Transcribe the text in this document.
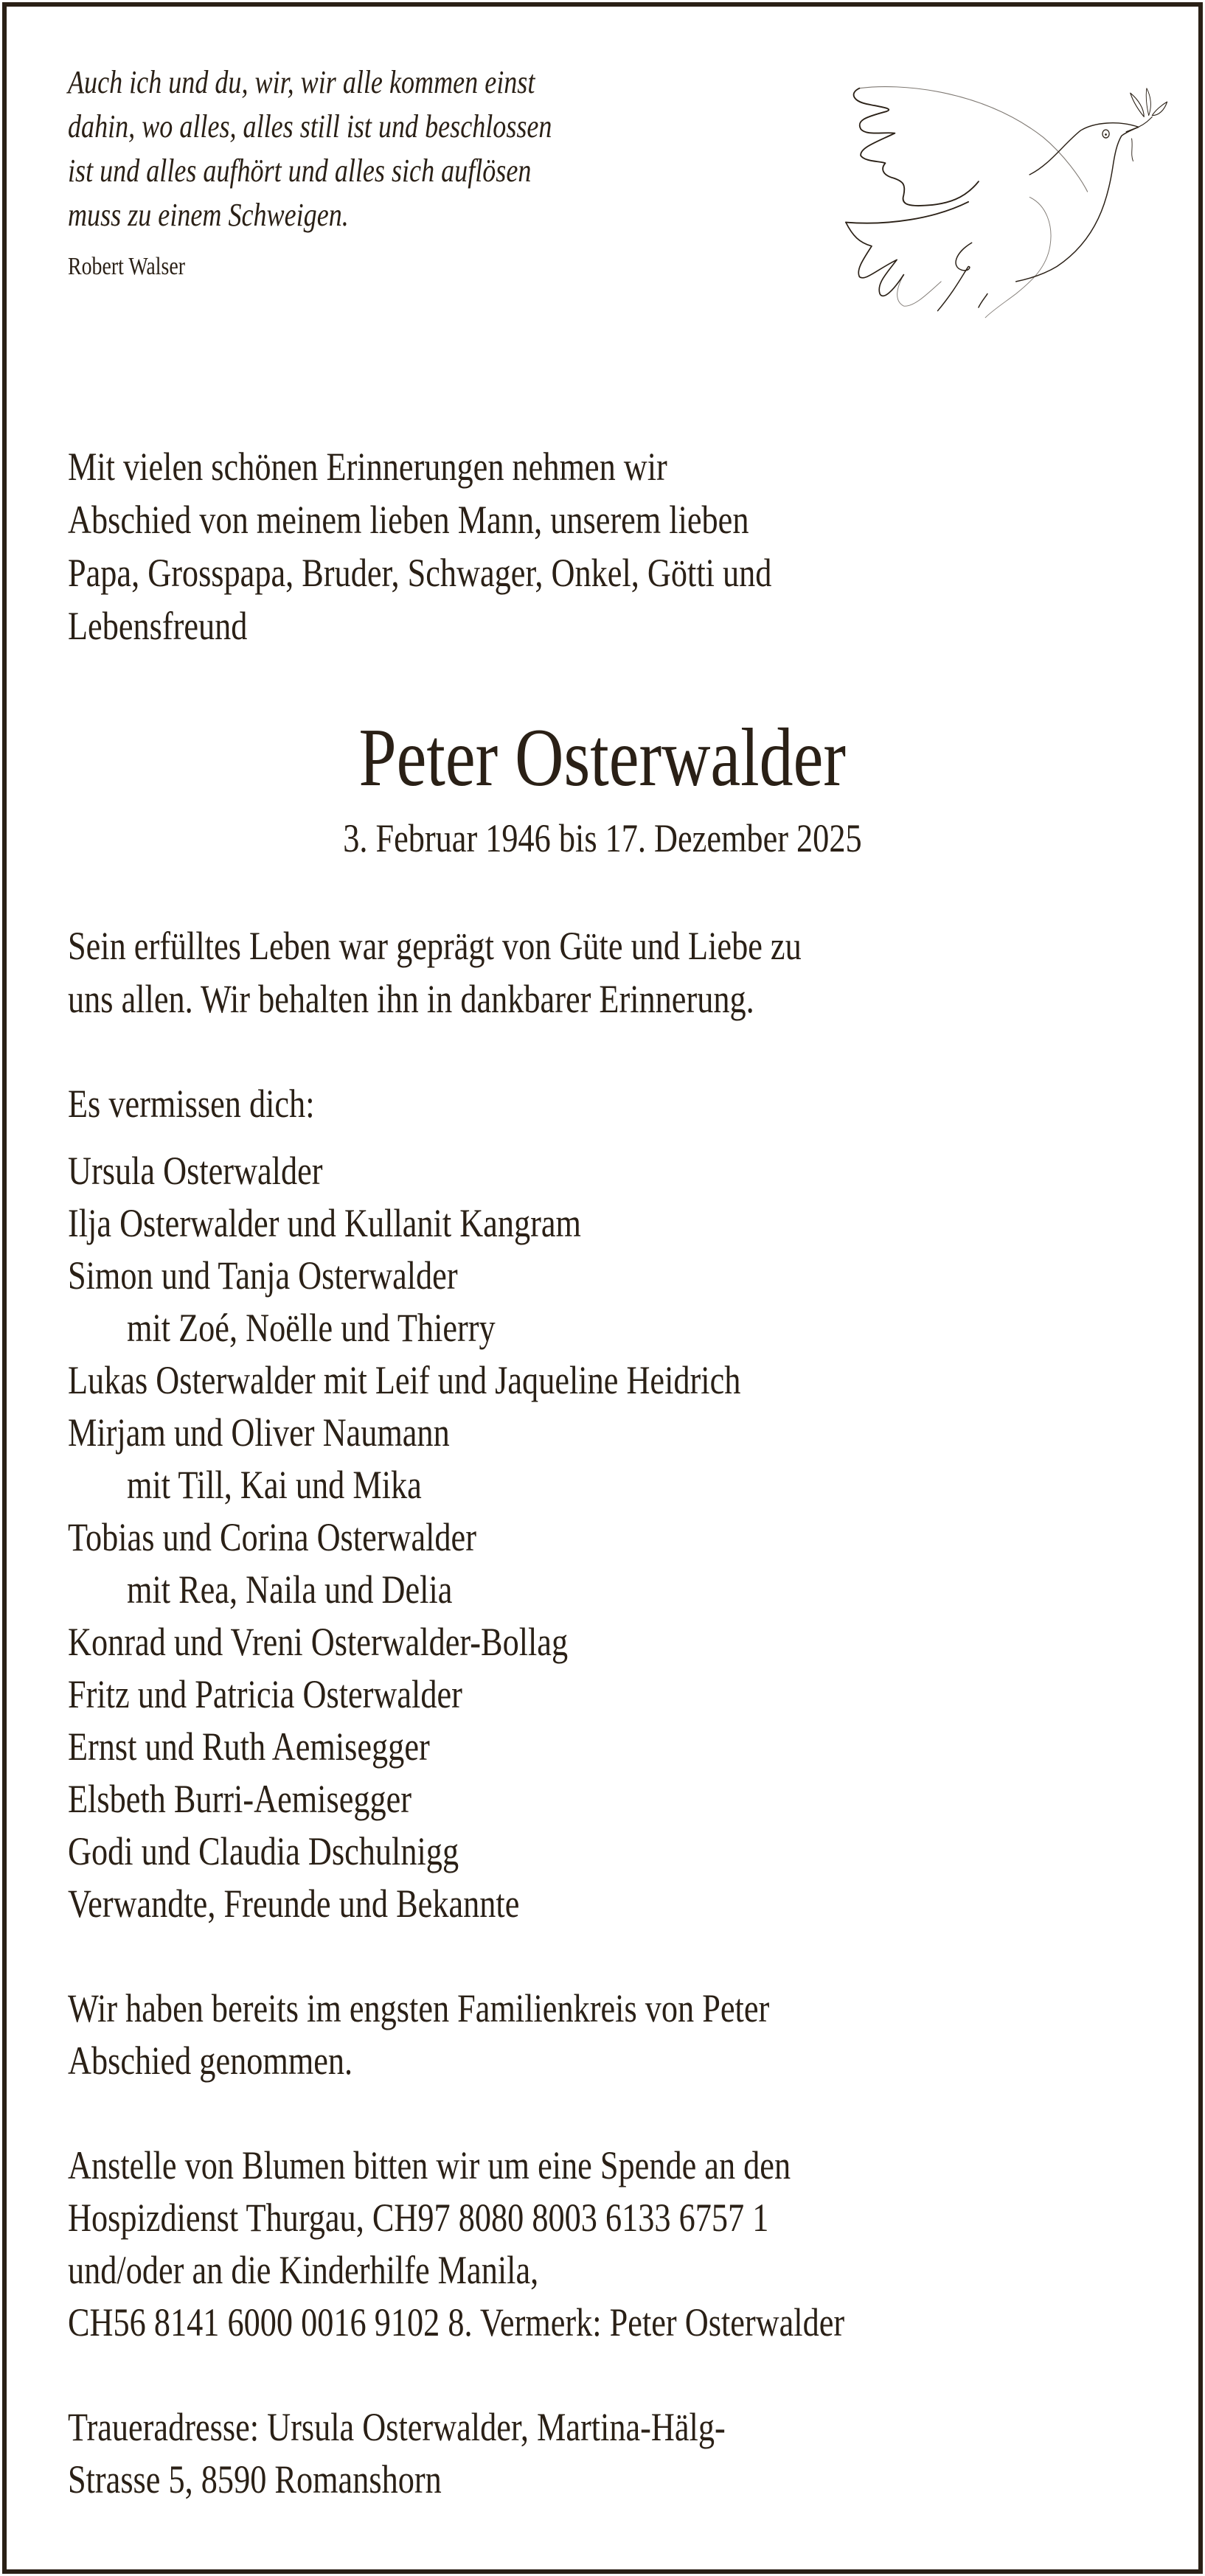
Auch ich und du, wir, wir alle kommen einst
dahin, wo alles, alles still ist und beschlossen
ist und alles aufhört und alles sich auflösen
muss zu einem Schweigen.
Robert Walser
Mit vielen schönen Erinnerungen nehmen wir
Abschied von meinem lieben Mann, unserem lieben
Papa, Grosspapa, Bruder, Schwager, Onkel, Götti und
Lebensfreund
Peter Osterwalder
3. Februar 1946 bis 17. Dezember 2025
Sein erfülltes Leben war geprägt von Güte und Liebe zu
uns allen. Wir behalten ihn in dankbarer Erinnerung.
Es vermissen dich:
Ursula Osterwalder
Ilja Osterwalder und Kullanit Kangram
Simon und Tanja Osterwalder
mit Zoé, Noëlle und Thierry
Lukas Osterwalder mit Leif und Jaqueline Heidrich
Mirjam und Oliver Naumann
mit Till, Kai und Mika
Tobias und Corina Osterwalder
mit Rea, Naila und Delia
Konrad und Vreni Osterwalder-Bollag
Fritz und Patricia Osterwalder
Ernst und Ruth Aemisegger
Elsbeth Burri-Aemisegger
Godi und Claudia Dschulnigg
Verwandte, Freunde und Bekannte
Wir haben bereits im engsten Familienkreis von Peter
Abschied genommen.
Anstelle von Blumen bitten wir um eine Spende an den
Hospizdienst Thurgau, CH97 8080 8003 6133 6757 1
und/oder an die Kinderhilfe Manila,
CH56 8141 6000 0016 9102 8. Vermerk: Peter Osterwalder
Traueradresse: Ursula Osterwalder, Martina-Hälg-
Strasse 5, 8590 Romanshorn
